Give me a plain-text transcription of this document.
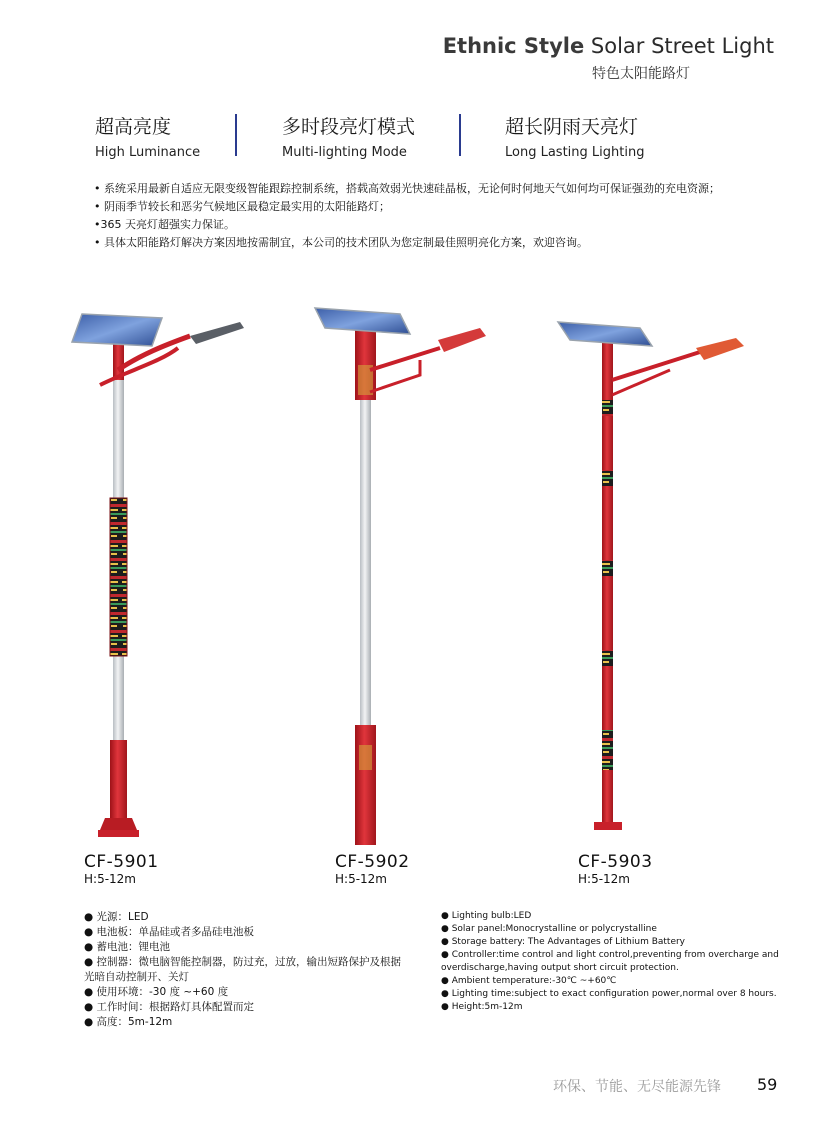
Ethnic Style Solar Street Light
特色太阳能路灯
超高亮度
High Luminance
多时段亮灯模式
Multi-lighting Mode
超长阴雨天亮灯
Long Lasting Lighting
• 系统采用最新自适应无限变级智能跟踪控制系统，搭载高效弱光快速硅晶板，无论何时何地天气如何均可保证强劲的充电资源；
• 阴雨季节较长和恶劣气候地区最稳定最实用的太阳能路灯；
•365 天亮灯超强实力保证。
• 具体太阳能路灯解决方案因地按需制宜，本公司的技术团队为您定制最佳照明亮化方案，欢迎咨询。
CF-5901
H:5-12m
CF-5902
H:5-12m
CF-5903
H:5-12m
● 光源：LED
● 电池板：单晶硅或者多晶硅电池板
● 蓄电池：锂电池
● 控制器：微电脑智能控制器，防过充，过放，输出短路保护及根据
光暗自动控制开、关灯
● 使用环境：-30 度 ~+60 度
● 工作时间：根据路灯具体配置而定
● 高度：5m-12m
● Lighting bulb:LED
● Solar panel:Monocrystalline or polycrystalline
● Storage battery: The Advantages of Lithium Battery
● Controller:time control and light control,preventing from overcharge and
overdischarge,having output short circuit protection.
● Ambient temperature:-30℃ ~+60℃
● Lighting time:subject to exact configuration power,normal over 8 hours.
● Height:5m-12m
环保、节能、无尽能源先锋 59
